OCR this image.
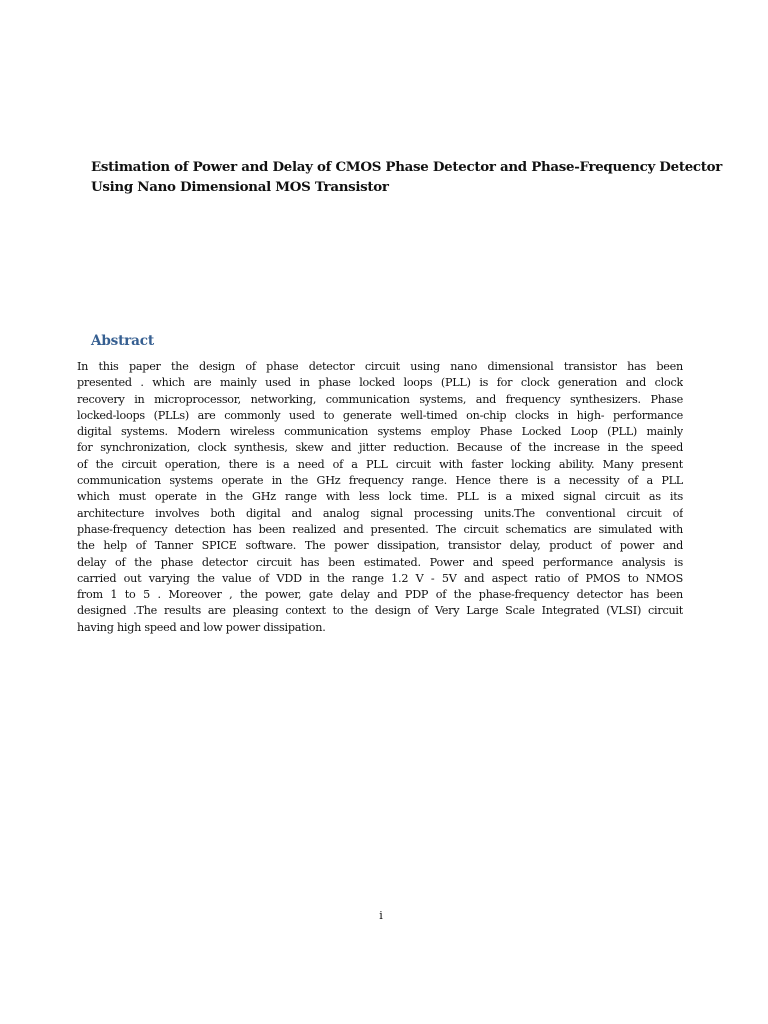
Estimation of Power and Delay of CMOS Phase Detector and Phase-Frequency Detector
Using Nano Dimensional MOS Transistor
Abstract
In this paper the design of phase detector circuit using nano dimensional transistor has been
presented . which are mainly used in phase locked loops (PLL) is for clock generation and clock
recovery in microprocessor, networking, communication systems, and frequency synthesizers. Phase
locked-loops (PLLs) are commonly used to generate well-timed on-chip clocks in high- performance
digital systems. Modern wireless communication systems employ Phase Locked Loop (PLL) mainly
for synchronization, clock synthesis, skew and jitter reduction. Because of the increase in the speed
of the circuit operation, there is a need of a PLL circuit with faster locking ability. Many present
communication systems operate in the GHz frequency range. Hence there is a necessity of a PLL
which must operate in the GHz range with less lock time. PLL is a mixed signal circuit as its
architecture involves both digital and analog signal processing units.The conventional circuit of
phase-frequency detection has been realized and presented. The circuit schematics are simulated with
the help of Tanner SPICE software. The power dissipation, transistor delay, product of power and
delay of the phase detector circuit has been estimated. Power and speed performance analysis is
carried out varying the value of VDD in the range 1.2 V - 5V and aspect ratio of PMOS to NMOS
from 1 to 5 . Moreover , the power, gate delay and PDP of the phase-frequency detector has been
designed .The results are pleasing context to the design of Very Large Scale Integrated (VLSI) circuit
having high speed and low power dissipation.

i
